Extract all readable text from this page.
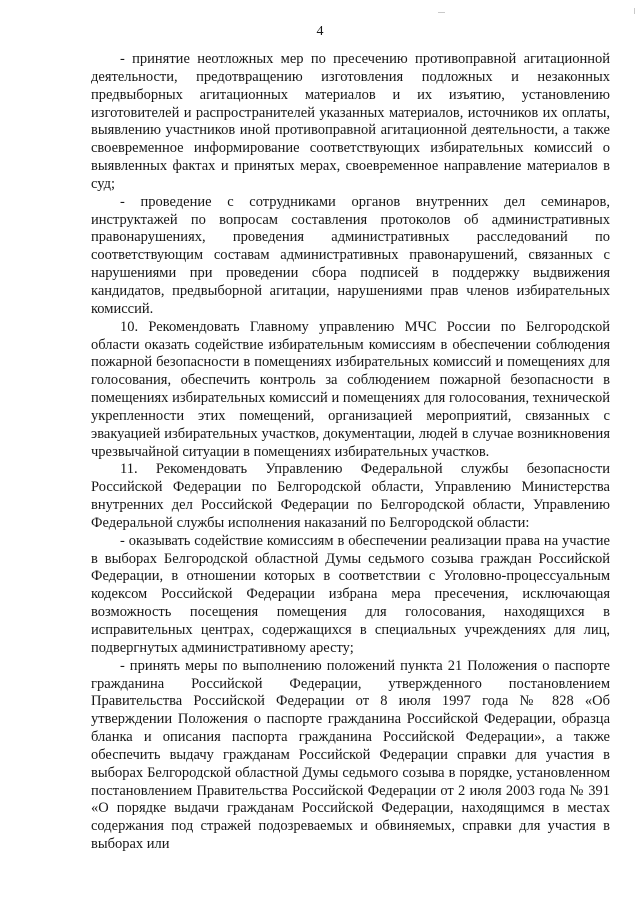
4

- принятие неотложных мер по пресечению противоправной агитационной деятельности, предотвращению изготовления подложных и незаконных предвыборных агитационных материалов и их изъятию, установлению изготовителей и распространителей указанных материалов, источников их оплаты, выявлению участников иной противоправной агитационной деятельности, а также своевременное информирование соответствующих избирательных комиссий о выявленных фактах и принятых мерах, своевременное направление материалов в суд;

- проведение с сотрудниками органов внутренних дел семинаров, инструктажей по вопросам составления протоколов об административных правонарушениях, проведения административных расследований по соответствующим составам административных правонарушений, связанных с нарушениями при проведении сбора подписей в поддержку выдвижения кандидатов, предвыборной агитации, нарушениями прав членов избирательных комиссий.

10. Рекомендовать Главному управлению МЧС России по Белгородской области оказать содействие избирательным комиссиям в обеспечении соблюдения пожарной безопасности в помещениях избирательных комиссий и помещениях для голосования, обеспечить контроль за соблюдением пожарной безопасности в помещениях избирательных комиссий и помещениях для голосования, технической укрепленности этих помещений, организацией мероприятий, связанных с эвакуацией избирательных участков, документации, людей в случае возникновения чрезвычайной ситуации в помещениях избирательных участков.

11. Рекомендовать Управлению Федеральной службы безопасности Российской Федерации по Белгородской области, Управлению Министерства внутренних дел Российской Федерации по Белгородской области, Управлению Федеральной службы исполнения наказаний по Белгородской области:

- оказывать содействие комиссиям в обеспечении реализации права на участие в выборах Белгородской областной Думы седьмого созыва граждан Российской Федерации, в отношении которых в соответствии с Уголовно-процессуальным кодексом Российской Федерации избрана мера пресечения, исключающая возможность посещения помещения для голосования, находящихся в исправительных центрах, содержащихся в специальных учреждениях для лиц, подвергнутых административному аресту;

- принять меры по выполнению положений пункта 21 Положения о паспорте гражданина Российской Федерации, утвержденного постановлением Правительства Российской Федерации от 8 июля 1997 года № 828 «Об утверждении Положения о паспорте гражданина Российской Федерации, образца бланка и описания паспорта гражданина Российской Федерации», а также обеспечить выдачу гражданам Российской Федерации справки для участия в выборах Белгородской областной Думы седьмого созыва в порядке, установленном постановлением Правительства Российской Федерации от 2 июля 2003 года № 391 «О порядке выдачи гражданам Российской Федерации, находящимся в местах содержания под стражей подозреваемых и обвиняемых, справки для участия в выборах или
